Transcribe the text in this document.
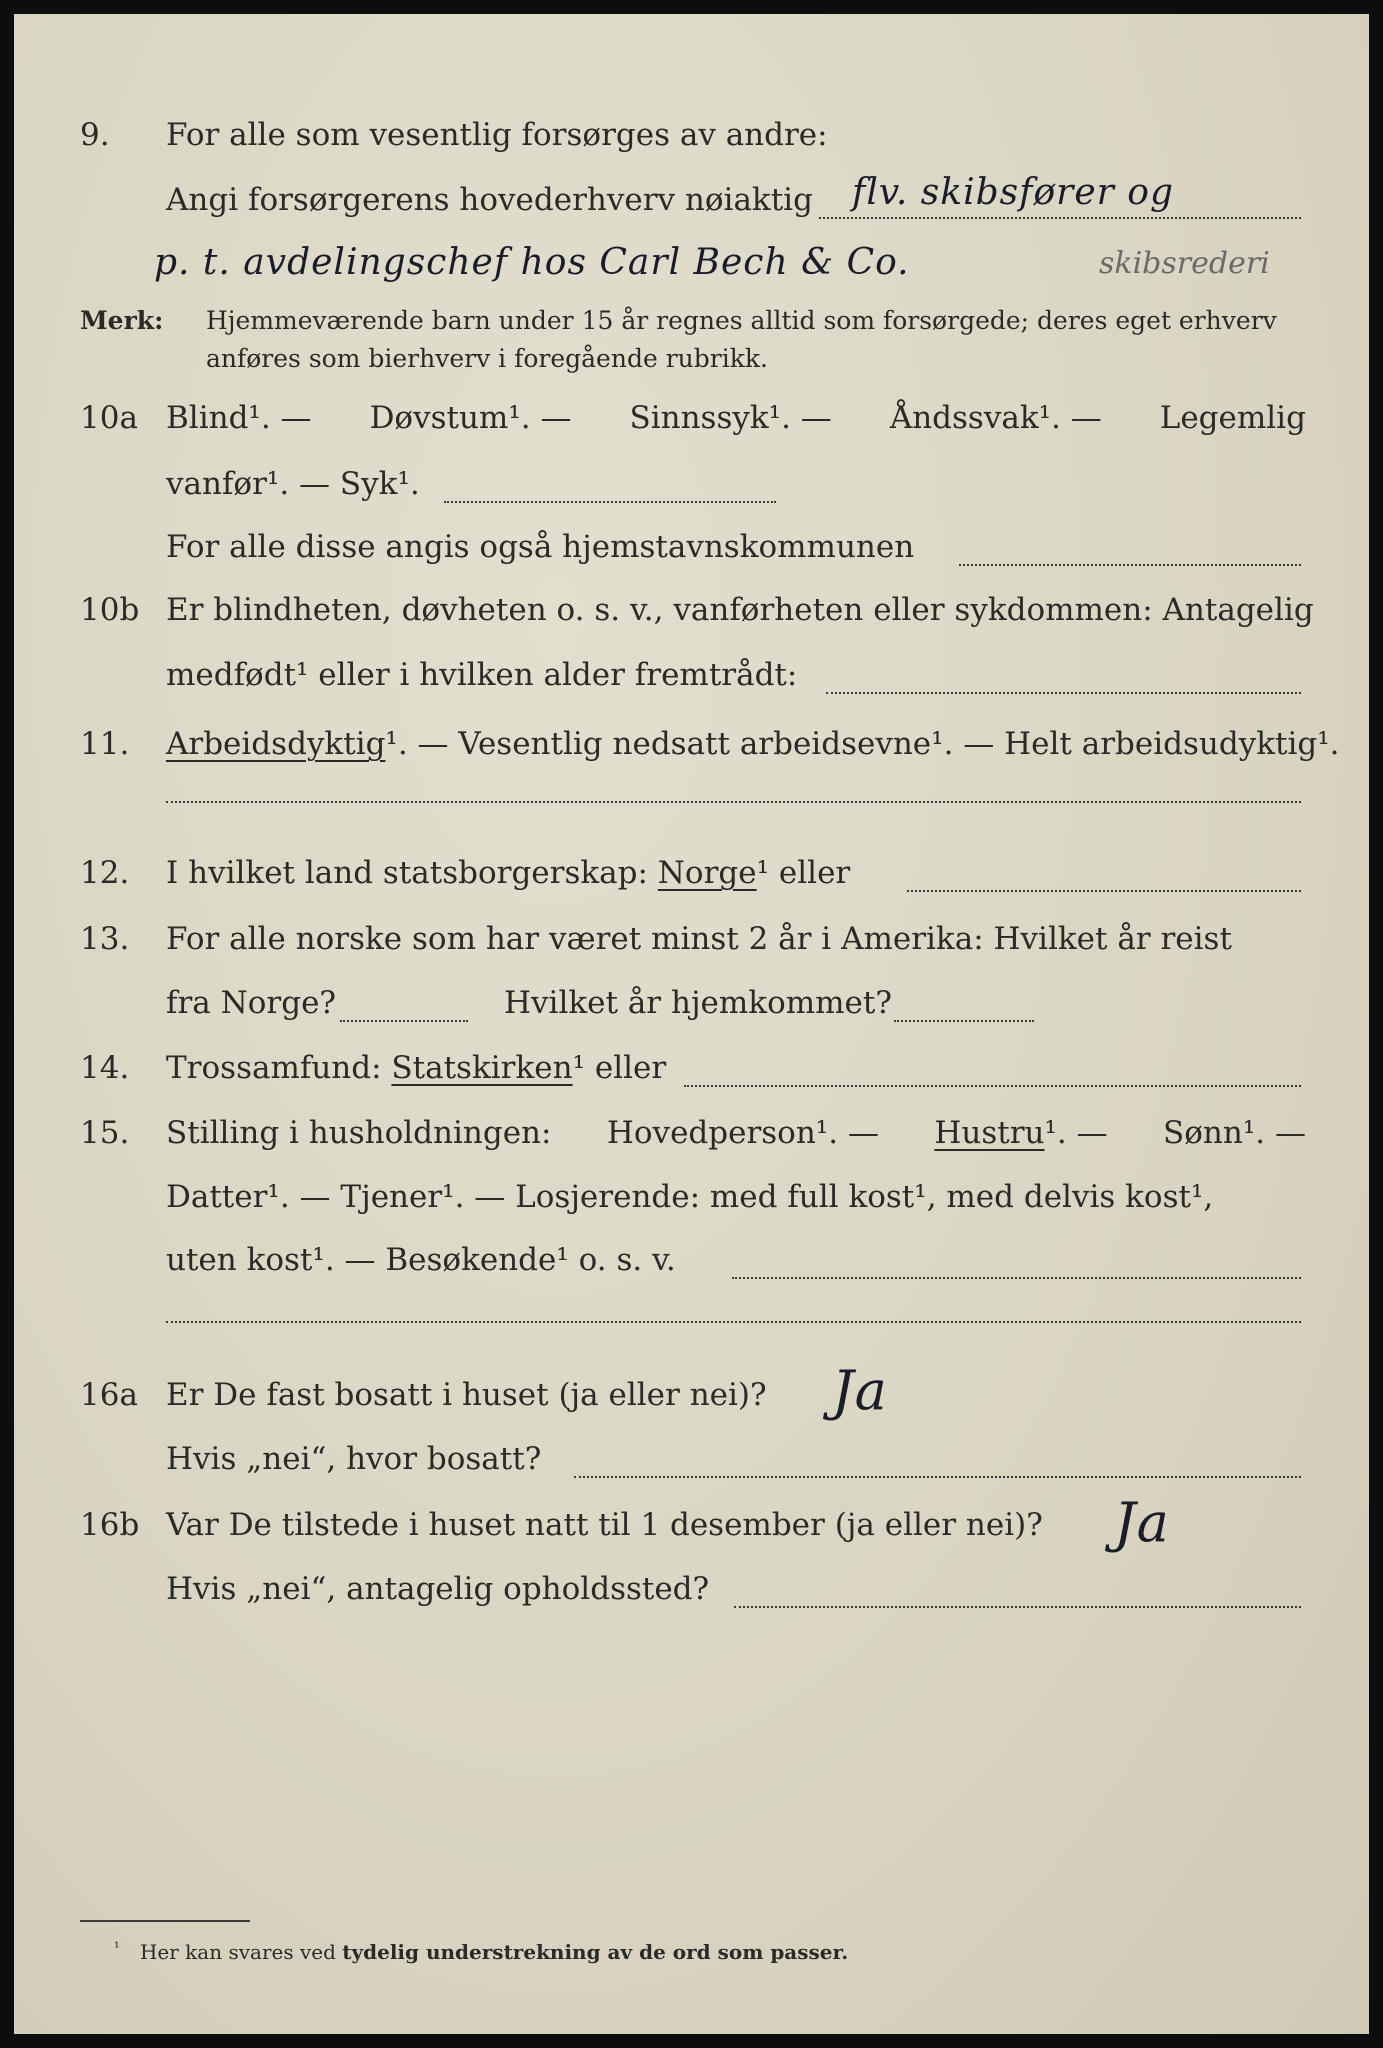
9. For alle som vesentlig forsørges av andre:
Angi forsørgerens hovederhverv nøiaktig flv. skibsfører og
p. t. avdelingschef hos Carl Bech & Co.	skibsrederi
Merk: Hjemmeværende barn under 15 år regnes alltid som forsørgede; deres eget erhverv
anføres som bierhverv i foregående rubrikk.
10a Blind¹. — Døvstum¹. — Sinnssyk¹. — Åndssvak¹. — Legemlig
vanfør¹. — Syk¹.
For alle disse angis også hjemstavnskommunen
10b Er blindheten, døvheten o. s. v., vanførheten eller sykdommen: Antagelig
medfødt¹ eller i hvilken alder fremtrådt:
11. Arbeidsdyktig¹. — Vesentlig nedsatt arbeidsevne¹. — Helt arbeidsudyktig¹.
12. I hvilket land statsborgerskap: Norge¹ eller
13. For alle norske som har været minst 2 år i Amerika: Hvilket år reist
fra Norge?	Hvilket år hjemkommet?
14. Trossamfund: Statskirken¹ eller
15. Stilling i husholdningen: Hovedperson¹. — Hustru¹. — Sønn¹. —
Datter¹. — Tjener¹. — Losjerende: med full kost¹, med delvis kost¹,
uten kost¹. — Besøkende¹ o. s. v.
16a Er De fast bosatt i huset (ja eller nei)? Ja
Hvis „nei“, hvor bosatt?
16b Var De tilstede i huset natt til 1 desember (ja eller nei)? Ja
Hvis „nei“, antagelig opholdssted?
$^{^1}$ Her kan svares ved tydelig understrekning av de ord som passer.
